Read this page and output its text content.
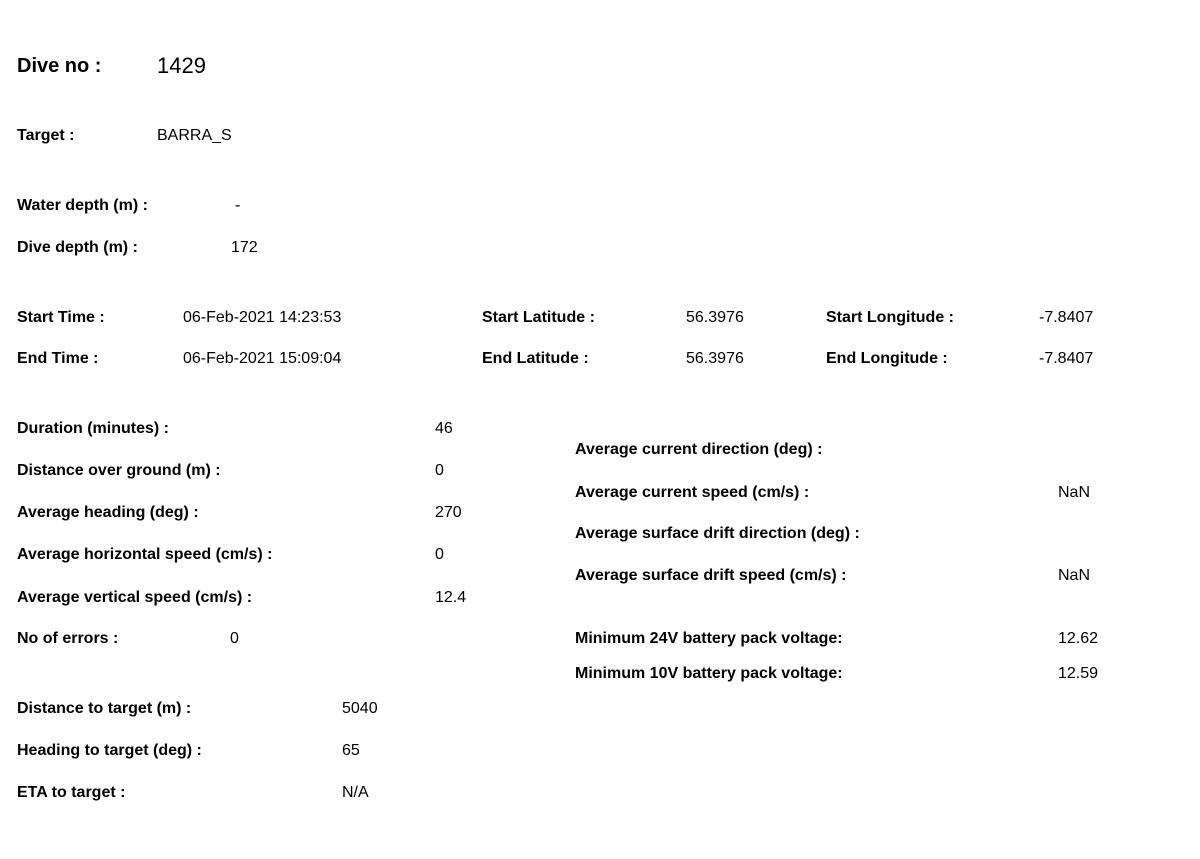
Dive no :	1429
Target :	BARRA_S
Water depth (m) :	-
Dive depth (m) :	172
Start Time :	06-Feb-2021 14:23:53	Start Latitude :	56.3976	Start Longitude :	-7.8407
End Time :	06-Feb-2021 15:09:04	End Latitude :	56.3976	End Longitude :	-7.8407
Duration (minutes) :	46
Distance over ground (m) :	0
Average heading (deg) :	270
Average horizontal speed (cm/s) :	0
Average vertical speed (cm/s) :	12.4
No of errors :	0
Average current direction (deg) :
Average current speed (cm/s) :	NaN
Average surface drift direction (deg) :
Average surface drift speed (cm/s) :	NaN
Minimum 24V battery pack voltage:	12.62
Minimum 10V battery pack voltage:	12.59
Distance to target (m) :	5040
Heading to target (deg) :	65
ETA to target :	N/A
